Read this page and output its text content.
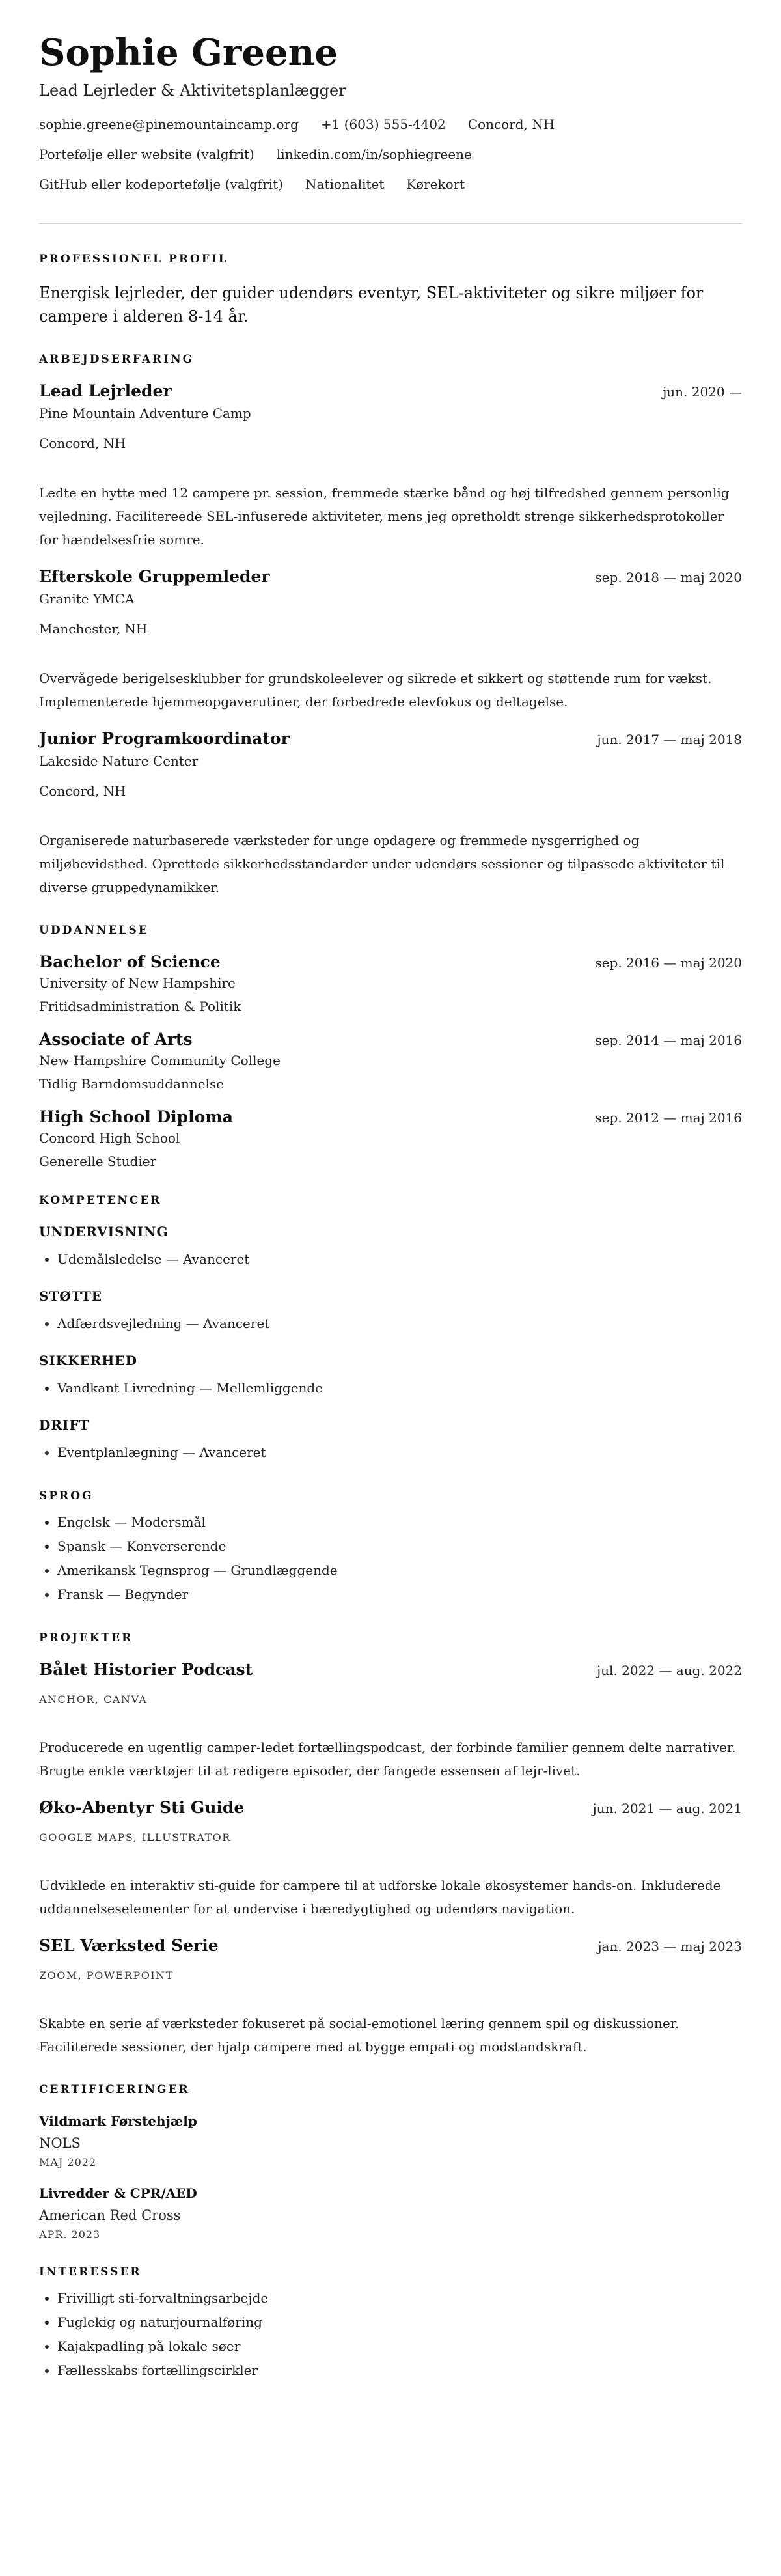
Sophie Greene
Lead Lejrleder & Aktivitetsplanlægger
sophie.greene@pinemountaincamp.org +1 (603) 555-4402 Concord, NH
Portefølje eller website (valgfrit) linkedin.com/in/sophiegreene
GitHub eller kodeportefølje (valgfrit) Nationalitet Kørekort
PROFESSIONEL PROFIL
Energisk lejrleder, der guider udendørs eventyr, SEL-aktiviteter og sikre miljøer for campere i alderen 8-14 år.
ARBEJDSERFARING
Lead Lejrleder	jun. 2020 —
Pine Mountain Adventure Camp
Concord, NH
Ledte en hytte med 12 campere pr. session, fremmede stærke bånd og høj tilfredshed gennem personlig vejledning. Facilitereede SEL-infuserede aktiviteter, mens jeg opretholdt strenge sikkerhedsprotokoller for hændelsesfrie somre.
Efterskole Gruppemleder	sep. 2018 — maj 2020
Granite YMCA
Manchester, NH
Overvågede berigelsesklubber for grundskoleelever og sikrede et sikkert og støttende rum for vækst. Implementerede hjemmeopgaverutiner, der forbedrede elevfokus og deltagelse.
Junior Programkoordinator	jun. 2017 — maj 2018
Lakeside Nature Center
Concord, NH
Organiserede naturbaserede værksteder for unge opdagere og fremmede nysgerrighed og miljøbevidsthed. Oprettede sikkerhedsstandarder under udendørs sessioner og tilpassede aktiviteter til diverse gruppedynamikker.
UDDANNELSE
Bachelor of Science	sep. 2016 — maj 2020
University of New Hampshire
Fritidsadministration & Politik
Associate of Arts	sep. 2014 — maj 2016
New Hampshire Community College
Tidlig Barndomsuddannelse
High School Diploma	sep. 2012 — maj 2016
Concord High School
Generelle Studier
KOMPETENCER
UNDERVISNING
• Udemålsledelse — Avanceret
STØTTE
• Adfærdsvejledning — Avanceret
SIKKERHED
• Vandkant Livredning — Mellemliggende
DRIFT
• Eventplanlægning — Avanceret
SPROG
• Engelsk — Modersmål
• Spansk — Konverserende
• Amerikansk Tegnsprog — Grundlæggende
• Fransk — Begynder
PROJEKTER
Bålet Historier Podcast	jul. 2022 — aug. 2022
ANCHOR, CANVA
Producerede en ugentlig camper-ledet fortællingspodcast, der forbinde familier gennem delte narrativer. Brugte enkle værktøjer til at redigere episoder, der fangede essensen af lejr-livet.
Øko-Abentyr Sti Guide	jun. 2021 — aug. 2021
GOOGLE MAPS, ILLUSTRATOR
Udviklede en interaktiv sti-guide for campere til at udforske lokale økosystemer hands-on. Inkluderede uddannelseselementer for at undervise i bæredygtighed og udendørs navigation.
SEL Værksted Serie	jan. 2023 — maj 2023
ZOOM, POWERPOINT
Skabte en serie af værksteder fokuseret på social-emotionel læring gennem spil og diskussioner. Faciliterede sessioner, der hjalp campere med at bygge empati og modstandskraft.
CERTIFICERINGER
Vildmark Førstehjælp
NOLS
MAJ 2022
Livredder & CPR/AED
American Red Cross
APR. 2023
INTERESSER
• Frivilligt sti-forvaltningsarbejde
• Fuglekig og naturjournalføring
• Kajakpadling på lokale søer
• Fællesskabs fortællingscirkler
